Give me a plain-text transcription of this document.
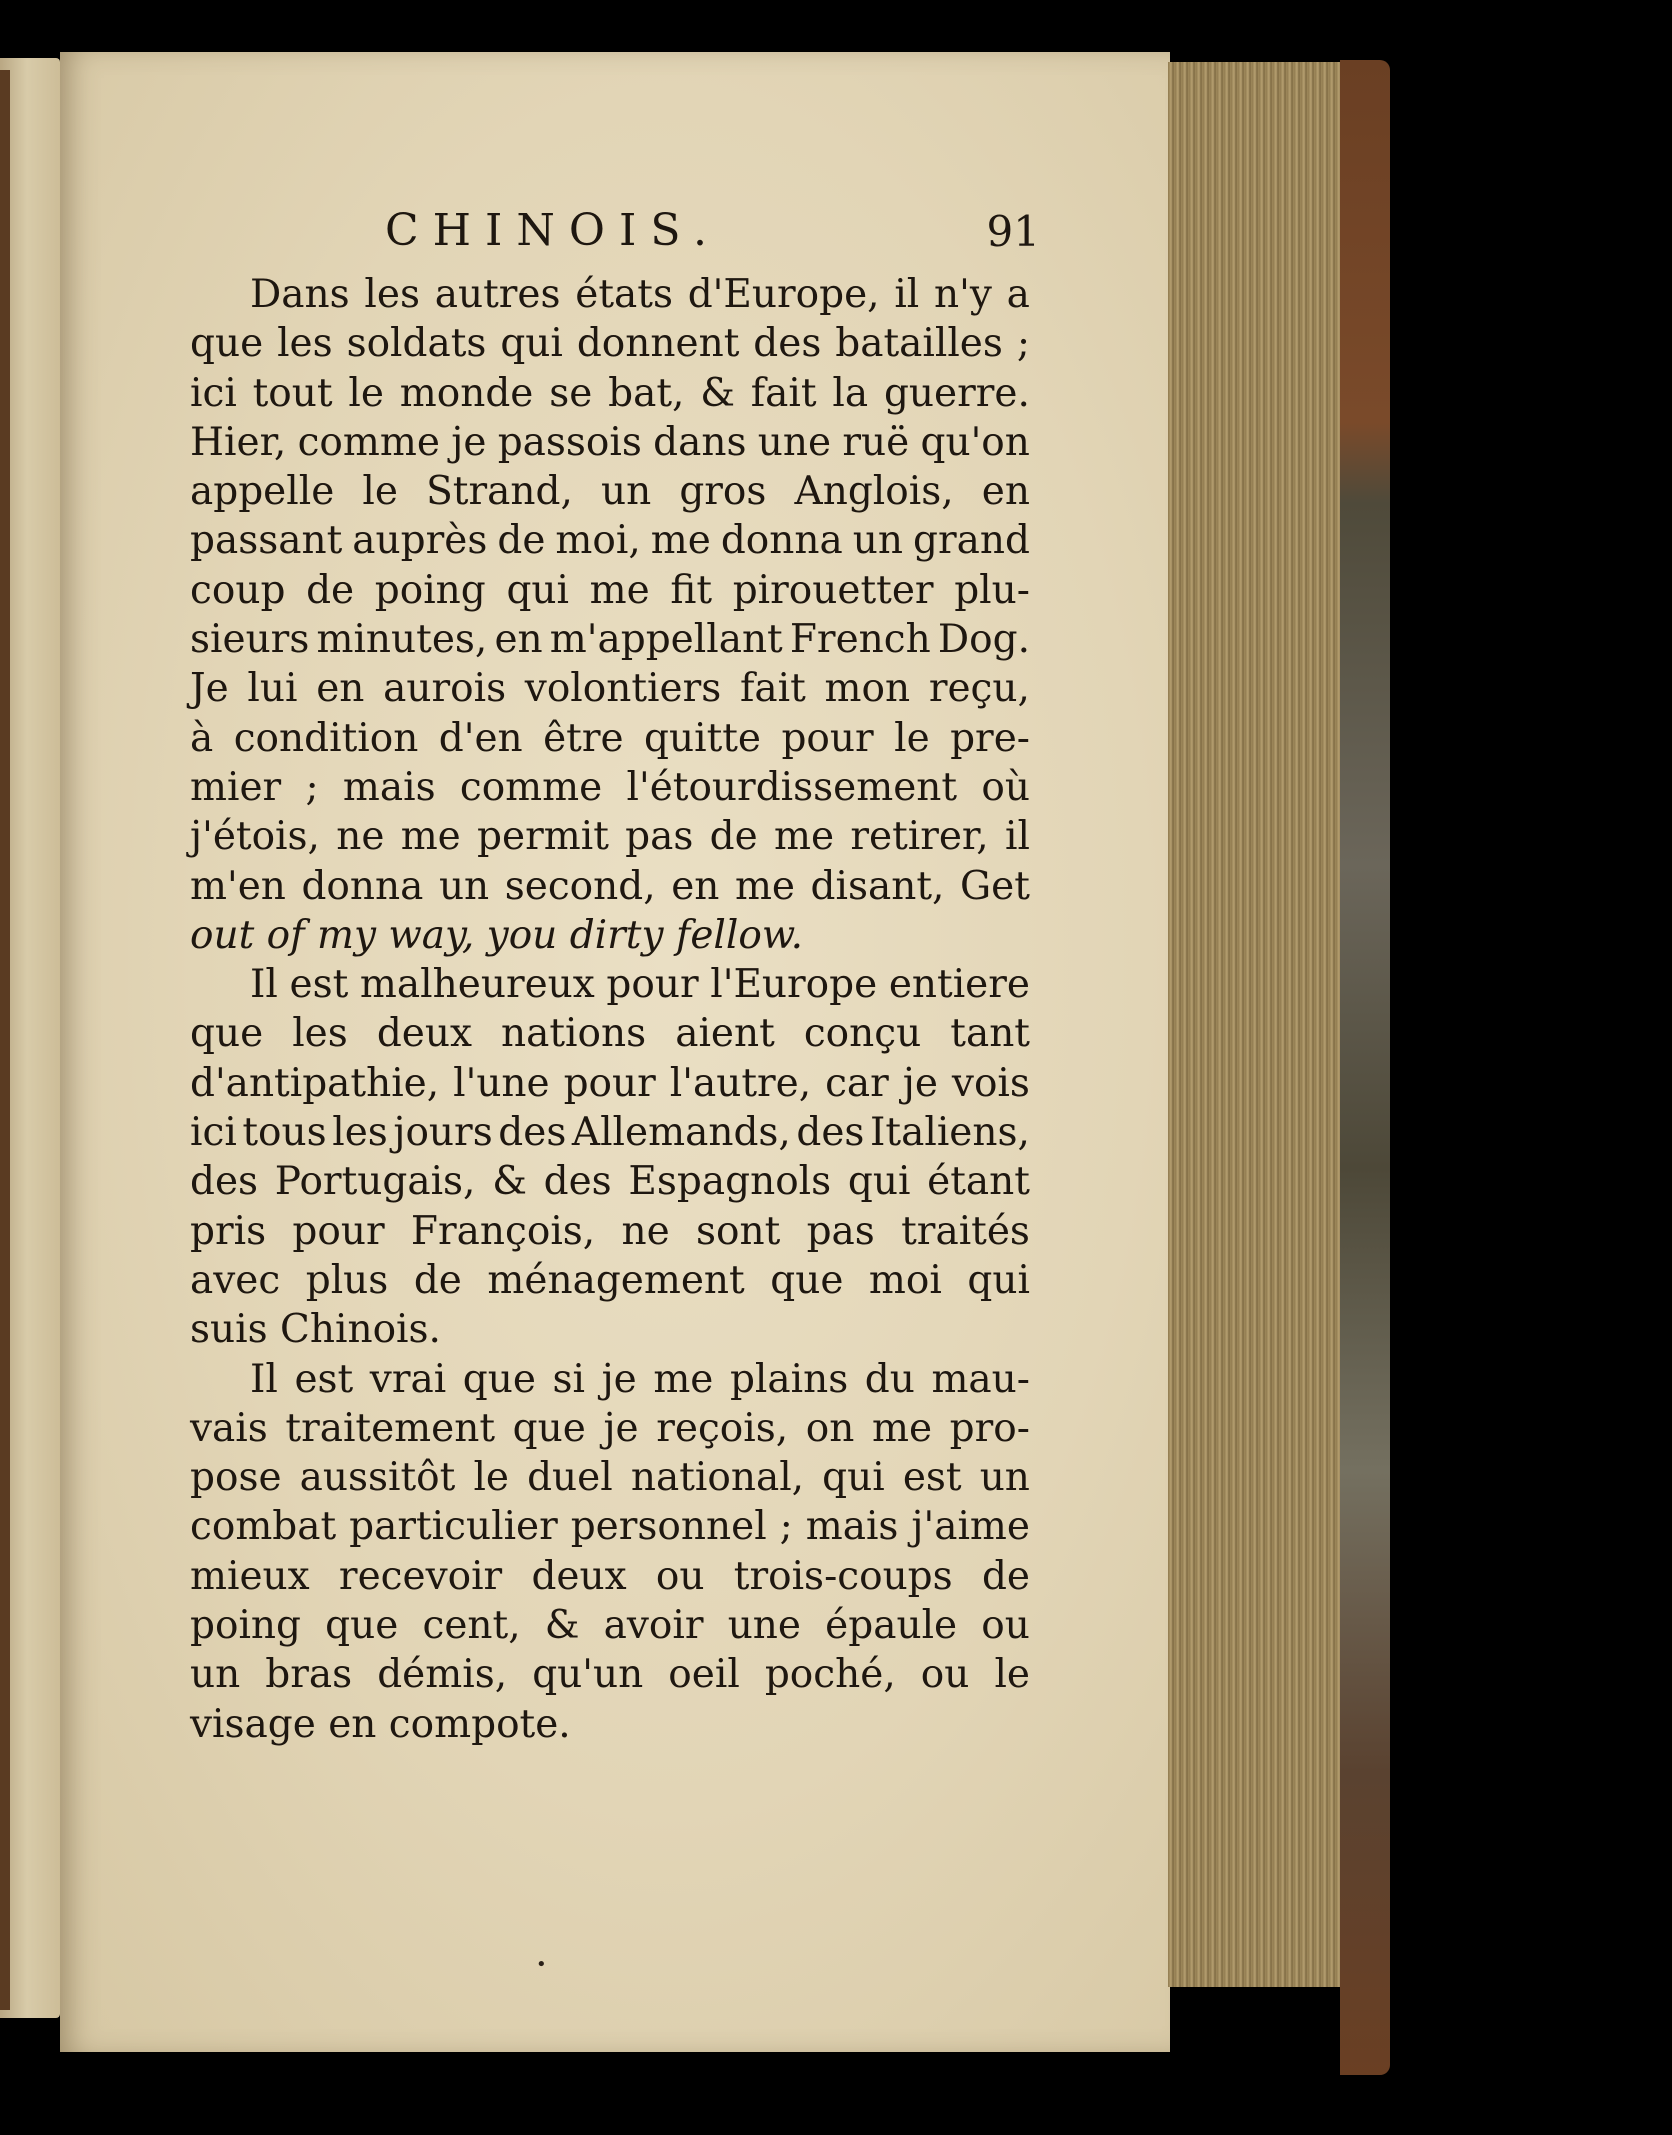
CHINOIS.	91
Dans les autres états d'Europe, il n'y a
que les soldats qui donnent des batailles ;
ici tout le monde se bat, & fait la guerre.
Hier, comme je passois dans une ruë qu'on
appelle le Strand, un gros Anglois, en
passant auprès de moi, me donna un grand
coup de poing qui me fit pirouetter plu-
sieurs minutes, en m'appellant French Dog.
Je lui en aurois volontiers fait mon reçu,
à condition d'en être quitte pour le pre-
mier ; mais comme l'étourdissement où
j'étois, ne me permit pas de me retirer, il
m'en donna un second, en me disant, Get
out of my way, you dirty fellow.
Il est malheureux pour l'Europe entiere
que les deux nations aient conçu tant
d'antipathie, l'une pour l'autre, car je vois
ici tous les jours des Allemands, des Italiens,
des Portugais, & des Espagnols qui étant
pris pour François, ne sont pas traités
avec plus de ménagement que moi qui
suis Chinois.
Il est vrai que si je me plains du mau-
vais traitement que je reçois, on me pro-
pose aussitôt le duel national, qui est un
combat particulier personnel ; mais j'aime
mieux recevoir deux ou trois-coups de
poing que cent, & avoir une épaule ou
un bras démis, qu'un oeil poché, ou le
visage en compote.
•
